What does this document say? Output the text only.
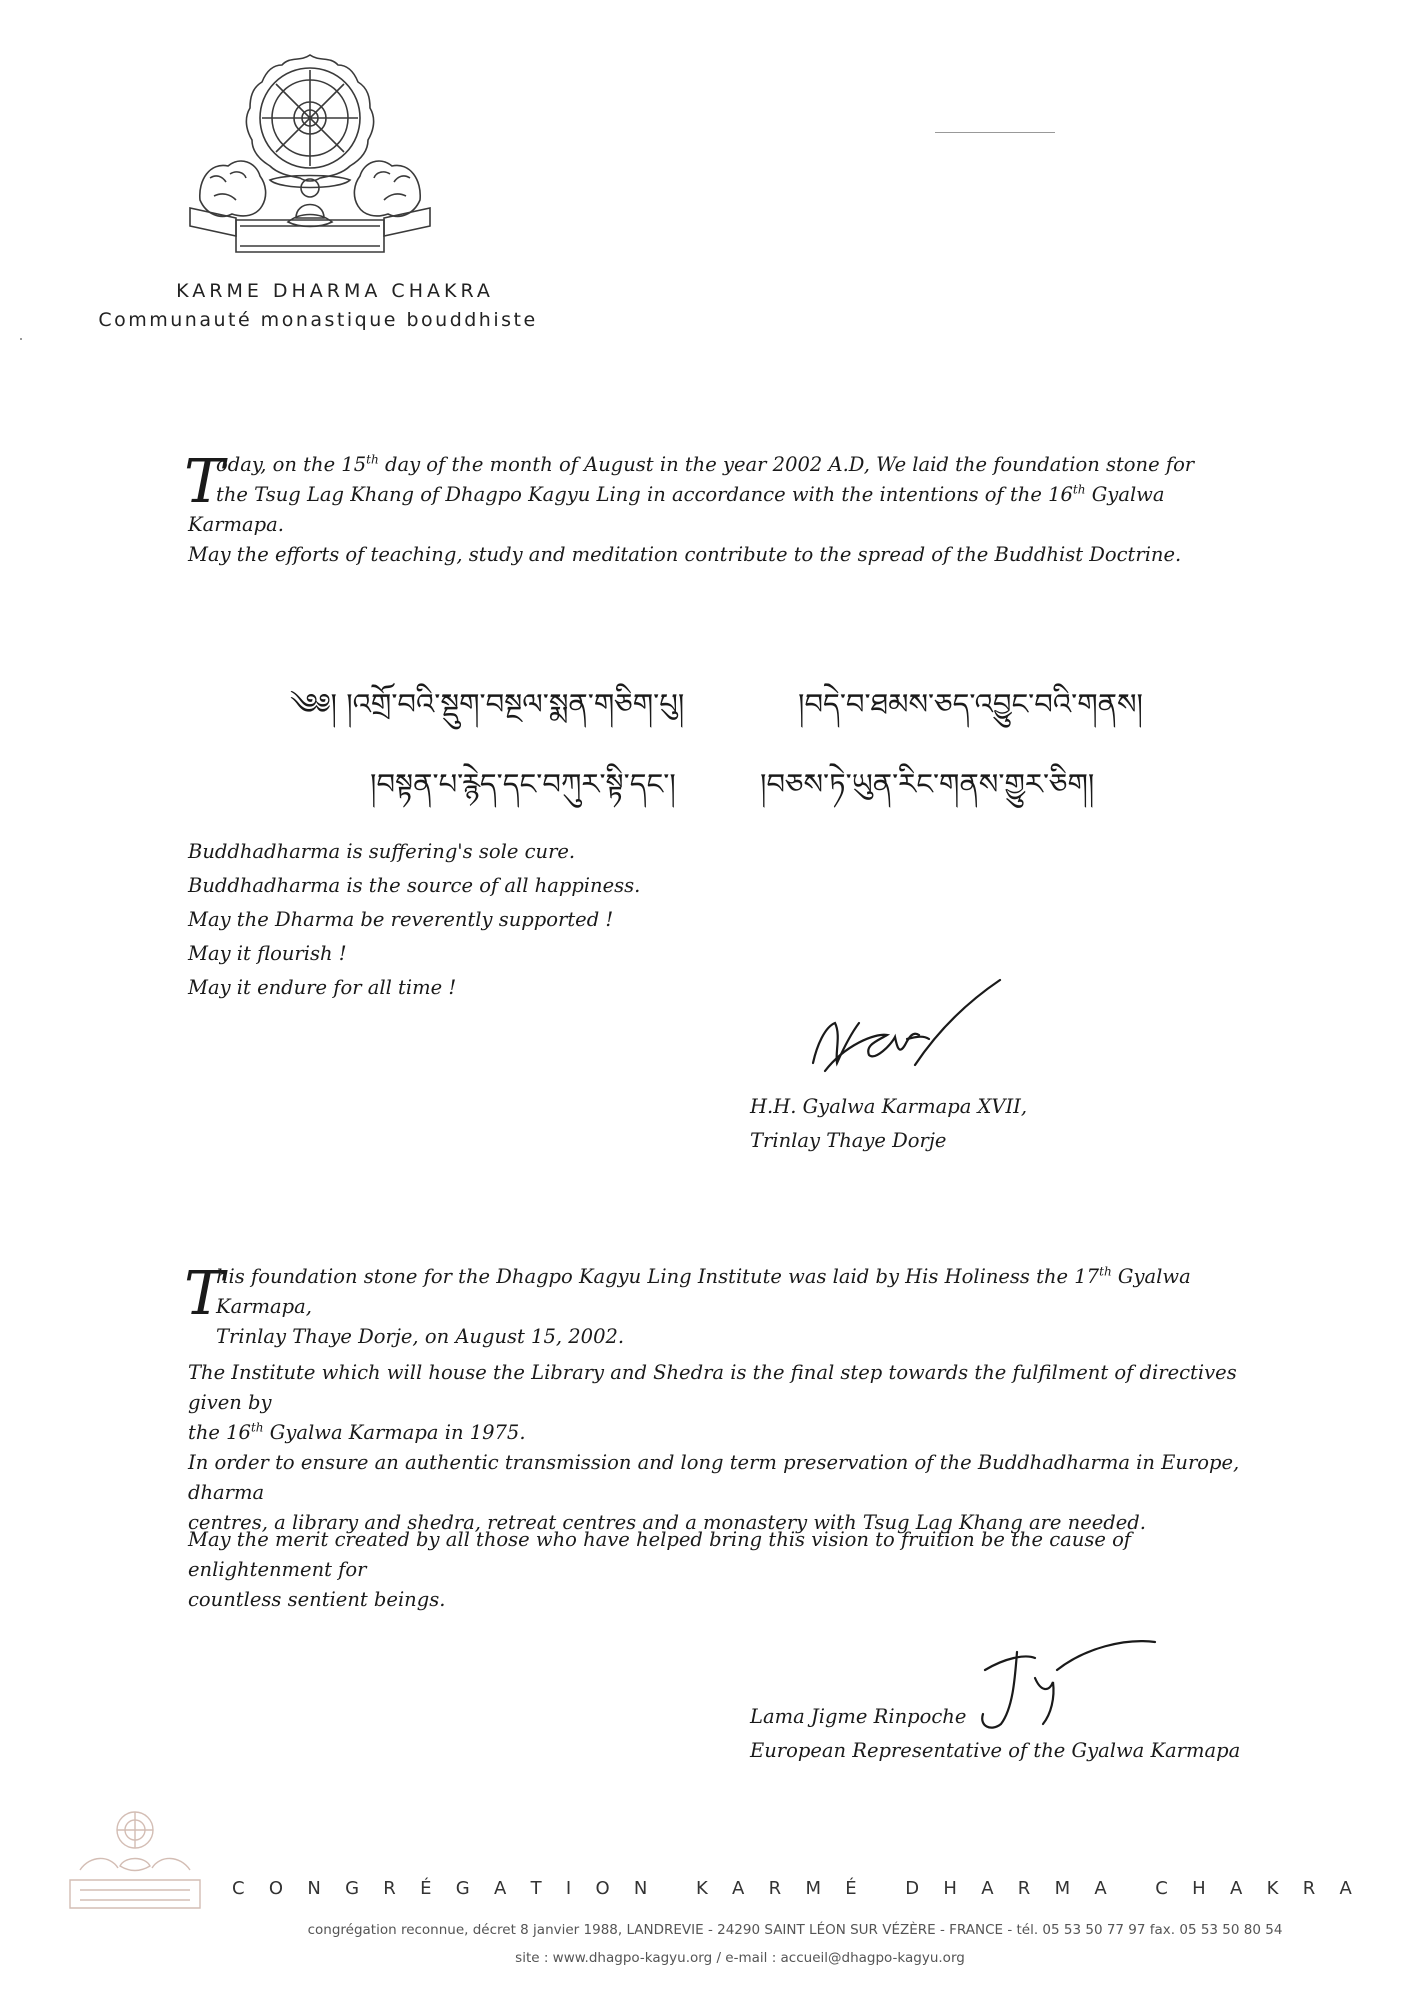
KARME DHARMA CHAKRA
Communauté monastique bouddhiste
T
oday, on the 15th day of the month of August in the year 2002 A.D, We laid the foundation stone for
the Tsug Lag Khang of Dhagpo Kagyu Ling in accordance with the intentions of the 16th Gyalwa
Karmapa.
May the efforts of teaching, study and meditation contribute to the spread of the Buddhist Doctrine.
༄༅། །འགྲོ་བའི་སྡུག་བསྔལ་སྨན་གཅིག་པུ།	།བདེ་བ་ཐམས་ཅད་འབྱུང་བའི་གནས།
།བསྟན་པ་རྙེད་དང་བཀུར་སྟི་དང་།	།བཅས་ཏེ་ཡུན་རིང་གནས་གྱུར་ཅིག།
Buddhadharma is suffering's sole cure.
Buddhadharma is the source of all happiness.
May the Dharma be reverently supported !
May it flourish !
May it endure for all time !
H.H. Gyalwa Karmapa XVII,
Trinlay Thaye Dorje
T
his foundation stone for the Dhagpo Kagyu Ling Institute was laid by His Holiness the 17th Gyalwa Karmapa,
Trinlay Thaye Dorje, on August 15, 2002.
The Institute which will house the Library and Shedra is the final step towards the fulfilment of directives given by
the 16th Gyalwa Karmapa in 1975.
In order to ensure an authentic transmission and long term preservation of the Buddhadharma in Europe, dharma
centres, a library and shedra, retreat centres and a monastery with Tsug Lag Khang are needed.
May the merit created by all those who have helped bring this vision to fruition be the cause of enlightenment for
countless sentient beings.
Lama Jigme Rinpoche
European Representative of the Gyalwa Karmapa
C O N G R É G A T I O N	K A R M É	D H A R M A	C H A K R A
congrégation reconnue, décret 8 janvier 1988, LANDREVIE - 24290 SAINT LÉON SUR VÉZÈRE - FRANCE - tél. 05 53 50 77 97 fax. 05 53 50 80 54
site : www.dhagpo-kagyu.org / e-mail : accueil@dhagpo-kagyu.org
